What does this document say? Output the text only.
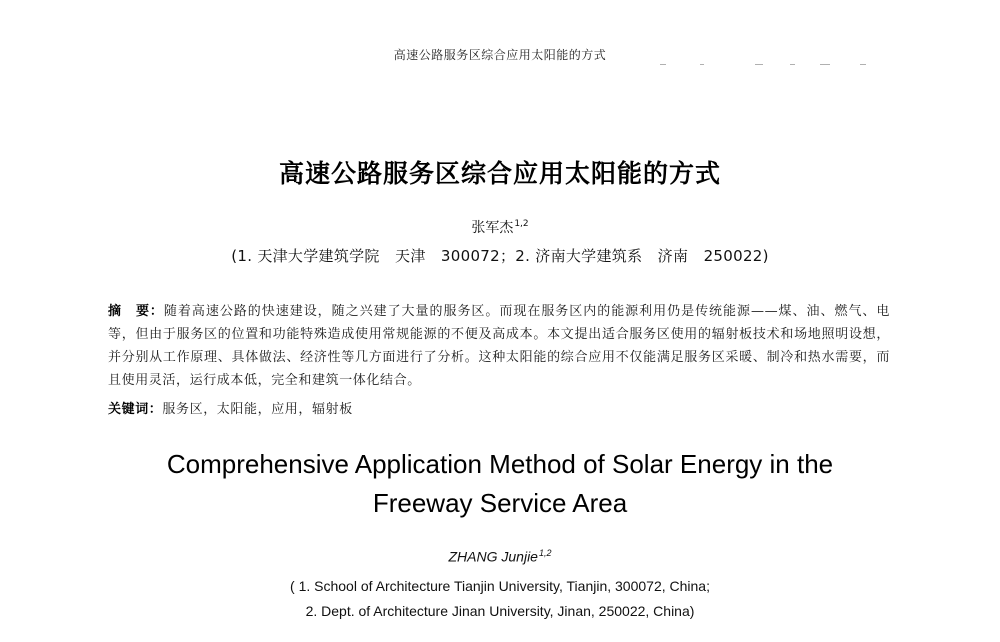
高速公路服务区综合应用太阳能的方式
高速公路服务区综合应用太阳能的方式
张军杰$^{1,2}$
(1. 天津大学建筑学院　天津　300072；2. 济南大学建筑系　济南　250022)
摘　要：随着高速公路的快速建设，随之兴建了大量的服务区。而现在服务区内的能源利用仍是传统能源——煤、油、燃气、电等，但由于服务区的位置和功能特殊造成使用常规能源的不便及高成本。本文提出适合服务区使用的辐射板技术和场地照明设想，并分别从工作原理、具体做法、经济性等几方面进行了分析。这种太阳能的综合应用不仅能满足服务区采暖、制冷和热水需要，而且使用灵活，运行成本低，完全和建筑一体化结合。
关键词：服务区，太阳能，应用，辐射板
Comprehensive Application Method of Solar Energy in the
Freeway Service Area
ZHANG Junjie$^{1,2}$
( 1. School of Architecture Tianjin University, Tianjin, 300072, China;
2. Dept. of Architecture Jinan University, Jinan, 250022, China)
